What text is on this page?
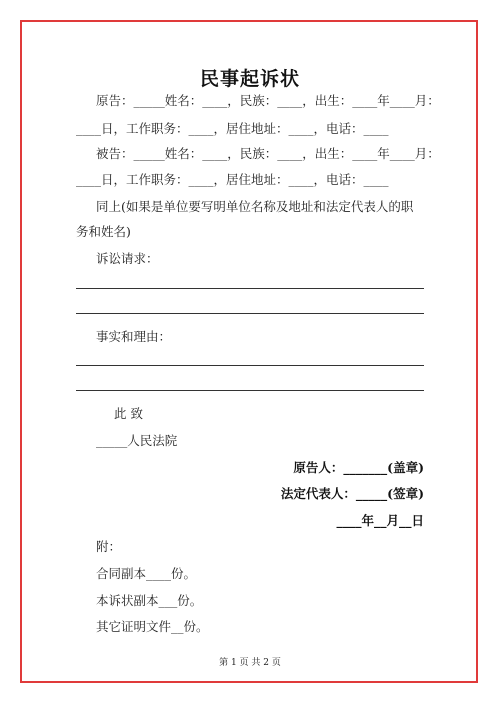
民事起诉状
原告：_____姓名：____，民族：____，出生：____年____月：
____日，工作职务：____，居住地址：____，电话：____
被告：_____姓名：____，民族：____，出生：____年____月：
____日，工作职务：____，居住地址：____，电话：____
同上(如果是单位要写明单位名称及地址和法定代表人的职
务和姓名)
诉讼请求：
事实和理由：
此 致
_____人民法院
原告人：_______(盖章)
法定代表人：_____(签章)
____年__月__日
附：
合同副本____份。
本诉状副本___份。
其它证明文件__份。
第 1 页 共 2 页
